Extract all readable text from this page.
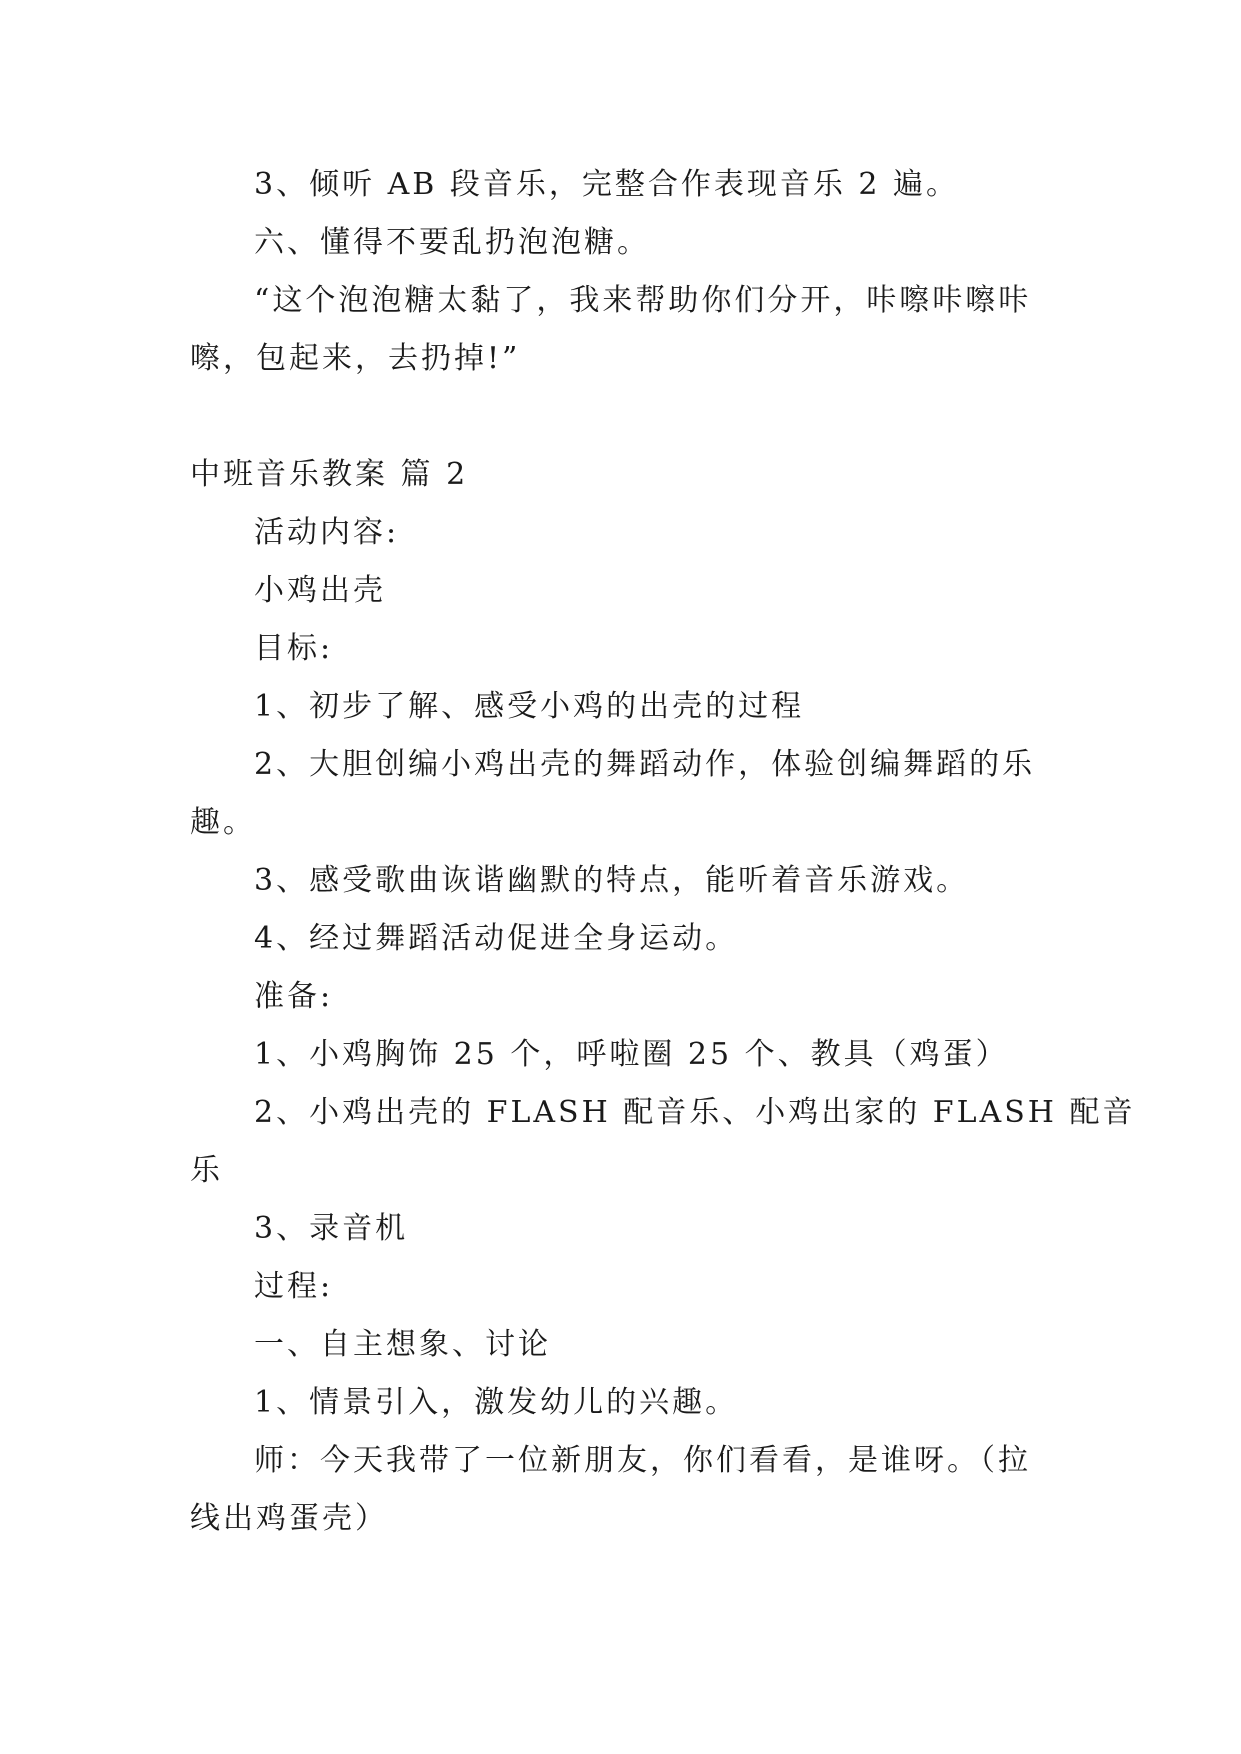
3、倾听 AB 段音乐，完整合作表现音乐 2 遍。
六、懂得不要乱扔泡泡糖。
“这个泡泡糖太黏了，我来帮助你们分开，咔嚓咔嚓咔
嚓，包起来，去扔掉!”
中班音乐教案 篇 2
活动内容:
小鸡出壳
目标:
1、初步了解、感受小鸡的出壳的过程
2、大胆创编小鸡出壳的舞蹈动作，体验创编舞蹈的乐
趣。
3、感受歌曲诙谐幽默的特点，能听着音乐游戏。
4、经过舞蹈活动促进全身运动。
准备:
1、小鸡胸饰 25 个，呼啦圈 25 个、教具（鸡蛋）
2、小鸡出壳的 FLASH 配音乐、小鸡出家的 FLASH 配音
乐
3、录音机
过程:
一、自主想象、讨论
1、情景引入，激发幼儿的兴趣。
师：今天我带了一位新朋友，你们看看，是谁呀。（拉
线出鸡蛋壳）
